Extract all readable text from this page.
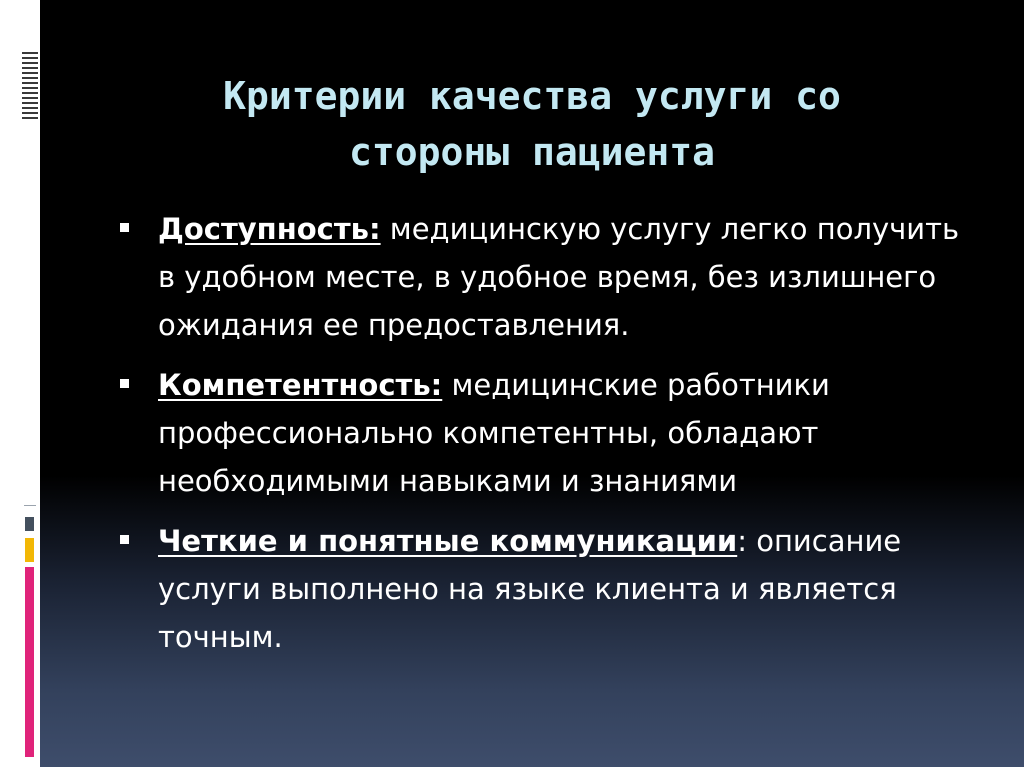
Критерии качества услуги со
стороны пациента
Доступность: медицинскую услугу легко получить в удобном месте, в удобное время, без излишнего ожидания ее предоставления.
Компетентность: медицинские работники профессионально компетентны, обладают необходимыми навыками и знаниями
Четкие и понятные коммуникации: описание услуги выполнено на языке клиента и является точным.
